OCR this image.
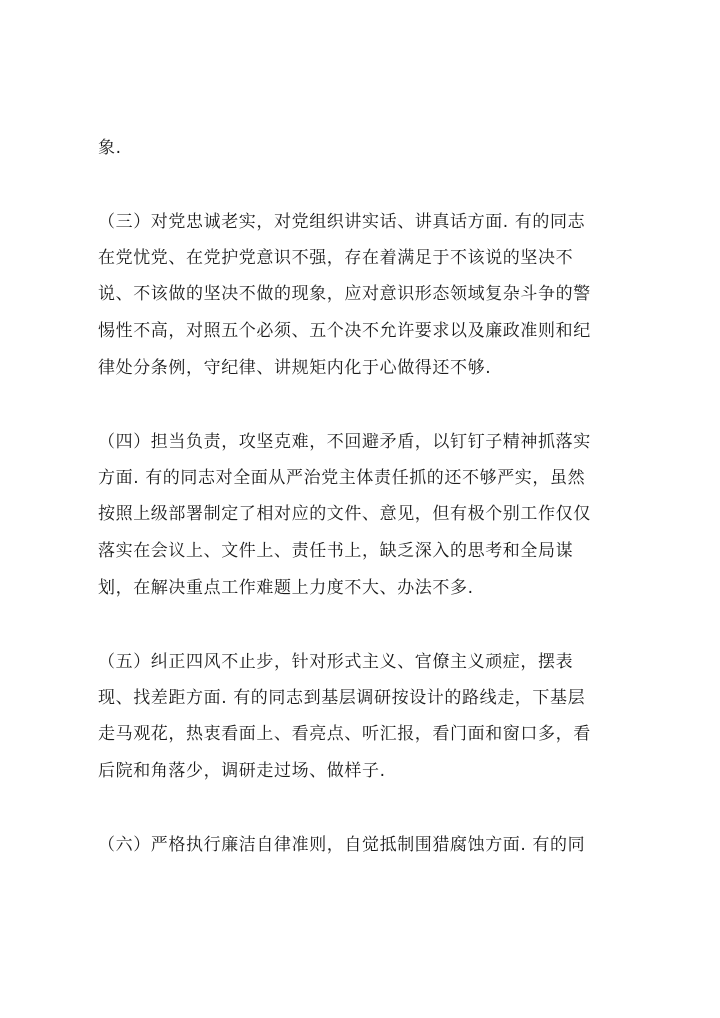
象.
（三）对党忠诚老实，对党组织讲实话、讲真话方面. 有的同志
在党忧党、在党护党意识不强，存在着满足于不该说的坚决不
说、不该做的坚决不做的现象，应对意识形态领域复杂斗争的警
惕性不高，对照五个必须、五个决不允许要求以及廉政准则和纪
律处分条例，守纪律、讲规矩内化于心做得还不够.
（四）担当负责，攻坚克难，不回避矛盾，以钉钉子精神抓落实
方面. 有的同志对全面从严治党主体责任抓的还不够严实，虽然
按照上级部署制定了相对应的文件、意见，但有极个别工作仅仅
落实在会议上、文件上、责任书上，缺乏深入的思考和全局谋
划，在解决重点工作难题上力度不大、办法不多.
（五）纠正四风不止步，针对形式主义、官僚主义顽症，摆表
现、找差距方面. 有的同志到基层调研按设计的路线走，下基层
走马观花，热衷看面上、看亮点、听汇报，看门面和窗口多，看
后院和角落少，调研走过场、做样子.
（六）严格执行廉洁自律准则，自觉抵制围猎腐蚀方面. 有的同
